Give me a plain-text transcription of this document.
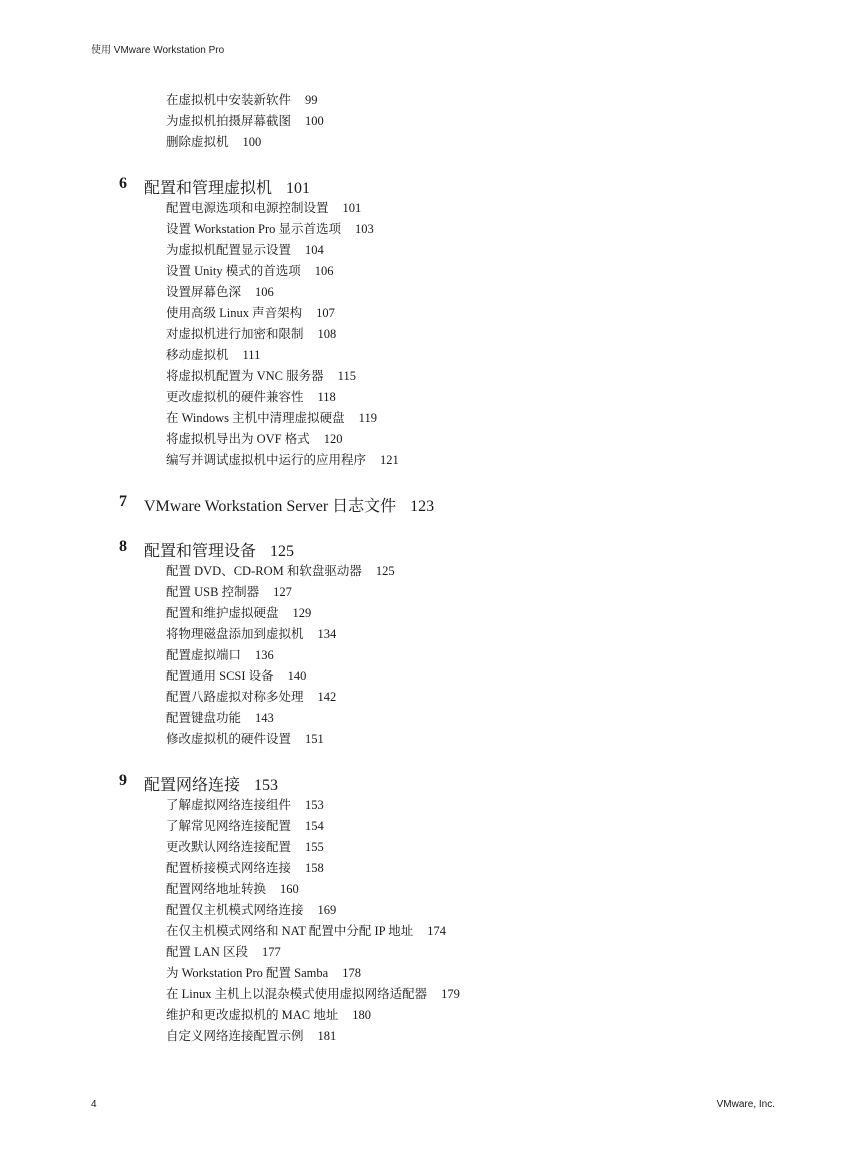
使用 VMware Workstation Pro
在虚拟机中安装新软件 99
为虚拟机拍摄屏幕截图 100
删除虚拟机 100
6 配置和管理虚拟机 101
配置电源选项和电源控制设置 101
设置 Workstation Pro 显示首选项 103
为虚拟机配置显示设置 104
设置 Unity 模式的首选项 106
设置屏幕色深 106
使用高级 Linux 声音架构 107
对虚拟机进行加密和限制 108
移动虚拟机 111
将虚拟机配置为 VNC 服务器 115
更改虚拟机的硬件兼容性 118
在 Windows 主机中清理虚拟硬盘 119
将虚拟机导出为 OVF 格式 120
编写并调试虚拟机中运行的应用程序 121
7 VMware Workstation Server 日志文件 123
8 配置和管理设备 125
配置 DVD、CD-ROM 和软盘驱动器 125
配置 USB 控制器 127
配置和维护虚拟硬盘 129
将物理磁盘添加到虚拟机 134
配置虚拟端口 136
配置通用 SCSI 设备 140
配置八路虚拟对称多处理 142
配置键盘功能 143
修改虚拟机的硬件设置 151
9 配置网络连接 153
了解虚拟网络连接组件 153
了解常见网络连接配置 154
更改默认网络连接配置 155
配置桥接模式网络连接 158
配置网络地址转换 160
配置仅主机模式网络连接 169
在仅主机模式网络和 NAT 配置中分配 IP 地址 174
配置 LAN 区段 177
为 Workstation Pro 配置 Samba 178
在 Linux 主机上以混杂模式使用虚拟网络适配器 179
维护和更改虚拟机的 MAC 地址 180
自定义网络连接配置示例 181
4	VMware, Inc.
